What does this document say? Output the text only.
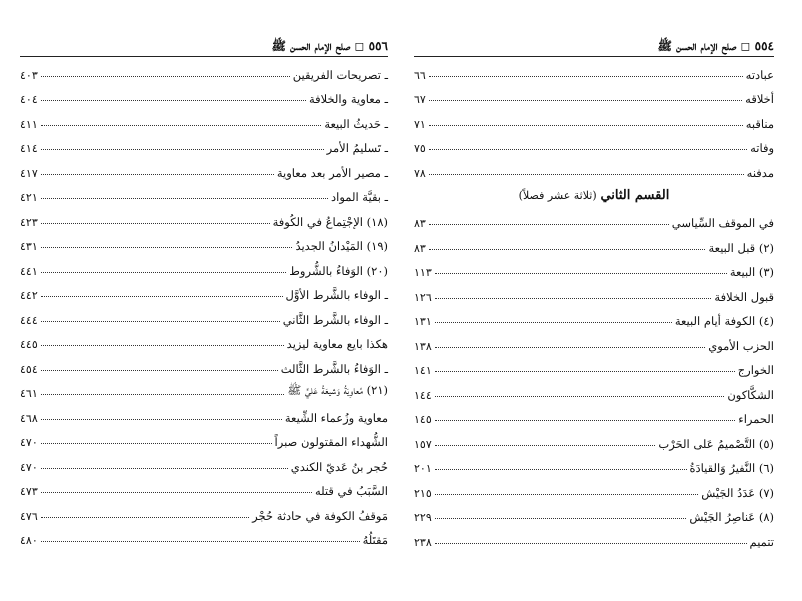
٥٥٦ ◻ صلح الإمام الحسن ﷺ
ـ تصريحات الفريقين
٤٠٣
ـ معاوية والخلافة
٤٠٤
ـ حَديثُ البيعة
٤١١
ـ تَسليمُ الأمر
٤١٤
ـ مصير الأمر بعد معاوية
٤١٧
ـ بقيَّة المواد
٤٢١
(١٨) الإجْتِماعُ في الكُوفة
٤٢٣
(١٩) المَيْدانُ الجديدُ
٤٣١
(٢٠) الوَفاءُ بالشُّروط
٤٤١
ـ الوفاء بالشَّرط الأوَّل
٤٤٢
ـ الوفاء بالشَّرط الثَّاني
٤٤٤
هكذا بايع معاوية ليزيد
٤٤٥
ـ الوَفاءُ بالشَّرط الثَّالث
٤٥٤
(٢١) مُعاوِيَةُ وَشيعَةُ عَليٍّ ﷺ
٤٦١
معاوية وزُعماء الشِّيعة
٤٦٨
الشُّهداء المقتولون صبراً
٤٧٠
حُجر بنُ عَديّ الكندي
٤٧٠
السَّبَبُ في قتله
٤٧٣
مَوقفُ الكوفة في حادثة حُجْر
٤٧٦
مَقتَلُهُ
٤٨٠
٥٥٤ ◻ صلح الإمام الحسن ﷺ
عبادته
٦٦
أخلاقه
٦٧
مناقبه
٧١
وفاته
٧٥
مدفنه
٧٨
القسم الثاني (ثلاثة عشر فصلاً)
في الموقف السِّياسي
٨٣
(٢) قبل البيعة
٨٣
(٣) البيعة
١١٣
قبول الخلافة
١٢٦
(٤) الكوفة أيام البيعة
١٣١
الحزب الأموي
١٣٨
الخوارج
١٤١
الشكَّاكون
١٤٤
الحمراء
١٤٥
(٥) التَّصْميمُ عَلى الحَرْب
١٥٧
(٦) النَّفيرُ وَالقيادَةُ
٢٠١
(٧) عَدَدُ الجَيْش
٢١٥
(٨) عَناصِرُ الجَيْش
٢٢٩
تتميم
٢٣٨
